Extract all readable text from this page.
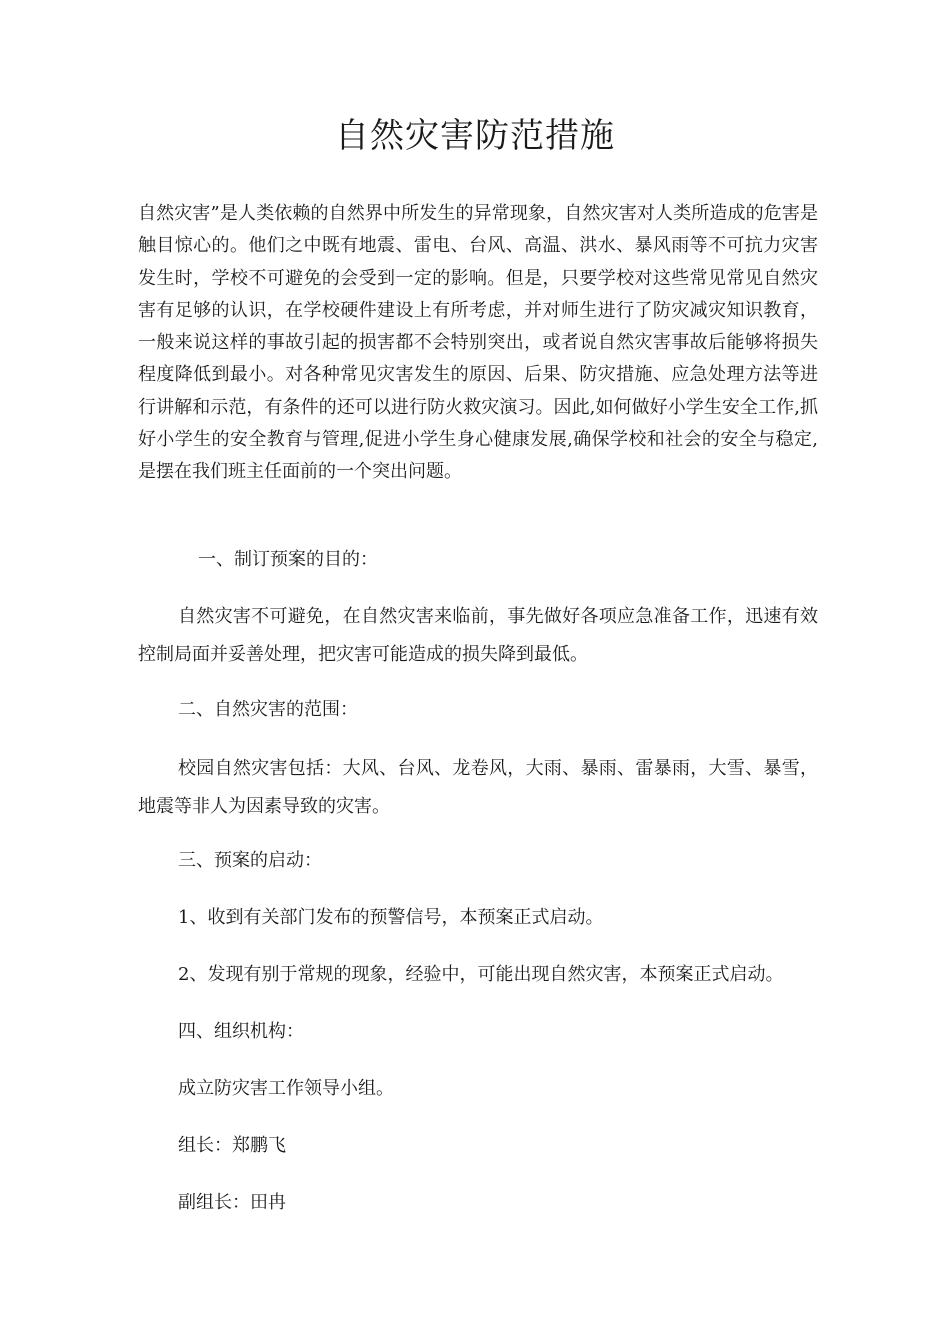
自然灾害防范措施

自然灾害”是人类依赖的自然界中所发生的异常现象，自然灾害对人类所造成的危害是触目惊心的。他们之中既有地震、雷电、台风、高温、洪水、暴风雨等不可抗力灾害发生时，学校不可避免的会受到一定的影响。但是，只要学校对这些常见常见自然灾害有足够的认识，在学校硬件建设上有所考虑，并对师生进行了防灾减灾知识教育，一般来说这样的事故引起的损害都不会特别突出，或者说自然灾害事故后能够将损失程度降低到最小。对各种常见灾害发生的原因、后果、防灾措施、应急处理方法等进行讲解和示范，有条件的还可以进行防火救灾演习。因此,如何做好小学生安全工作,抓好小学生的安全教育与管理,促进小学生身心健康发展,确保学校和社会的安全与稳定,是摆在我们班主任面前的一个突出问题。

一、制订预案的目的：

自然灾害不可避免，在自然灾害来临前，事先做好各项应急准备工作，迅速有效控制局面并妥善处理，把灾害可能造成的损失降到最低。

二、自然灾害的范围：

校园自然灾害包括：大风、台风、龙卷风，大雨、暴雨、雷暴雨，大雪、暴雪，地震等非人为因素导致的灾害。

三、预案的启动：

1、收到有关部门发布的预警信号，本预案正式启动。

2、发现有别于常规的现象，经验中，可能出现自然灾害，本预案正式启动。

四、组织机构：

成立防灾害工作领导小组。

组长：郑鹏飞

副组长：田冉
